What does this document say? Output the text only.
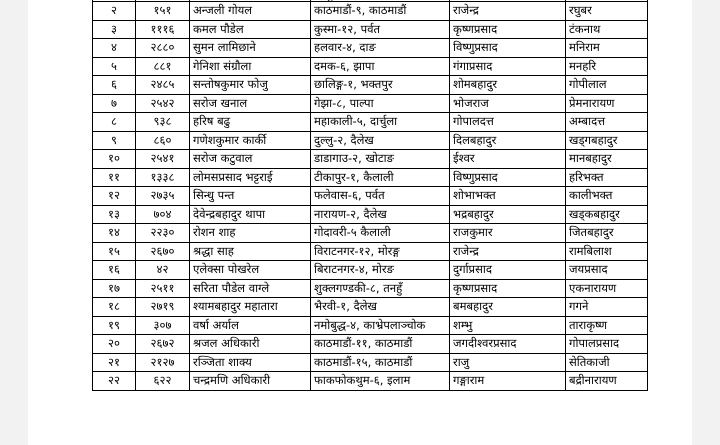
२	१५१	अन्जली गोयल	काठमाडौं-९, काठमाडौं	राजेन्द्र	रघुबर
३	१११६	कमल पौडेल	कुस्मा-१२, पर्वत	कृष्णप्रसाद	टंकनाथ
४	२८८०	सुमन लामिछाने	हलवार-४, दाङ	विष्णुप्रसाद	मनिराम
५	८८१	गेनिशा संग्रौला	दमक-६, झापा	गंगाप्रसाद	मनहरि
६	२४८५	सन्तोषकुमार फोजु	छालिङ्ग-१, भक्तपुर	शोमबहादुर	गोपीलाल
७	२५४२	सरोज खनाल	गेझा-८, पाल्पा	भोजराज	प्रेमनारायण
८	९३८	हरिष बढु	महाकाली-५, दार्चुला	गोपालदत्त	अम्बादत्त
९	८६०	गणेशकुमार कार्की	दुल्लु-२, दैलेख	दिलबहादुर	खड्गबहादुर
१०	२५४१	सरोज कटुवाल	डाडागाउ-२, खोटाङ	ईश्वर	मानबहादुर
११	१३३८	लोमसप्रसाद भट्टराई	टीकापुर-१, कैलाली	विष्णुप्रसाद	हरिभक्त
१२	२७३५	सिन्धु पन्त	फलेवास-६, पर्वत	शोभाभक्त	कालीभक्त
१३	७०४	देवेन्द्रबहादुर थापा	नारायण-२, दैलेख	भद्रबहादुर	खड्कबहादुर
१४	२२३०	रोशन शाह	गोदावरी-५ कैलाली	राजकुमार	जितबहादुर
१५	२६७०	श्रद्धा साह	विराटनगर-१२, मोरङ्ग	राजेन्द्र	रामबिलाश
१६	४२	एलेक्सा पोखरेल	बिराटनगर-४, मोरङ	दुर्गाप्रसाद	जयप्रसाद
१७	२५११	सरिता पौडेल वाग्ले	शुक्लगण्डकी-८, तनहुँ	कृष्णप्रसाद	एकनारायण
१८	२७१९	श्यामबहादुर महातारा	भैरवी-१, दैलेख	बमबहादुर	गगने
१९	३०७	वर्षा अर्याल	नमोबुद्ध-४, काभ्रेपलाञ्चोक	शम्भु	ताराकृष्ण
२०	२६७२	श्रजल अधिकारी	काठमाडौं-११, काठमाडौं	जगदीश्वरप्रसाद	गोपालप्रसाद
२१	२१२७	रञ्जिता शाक्य	काठमाडौं-१५, काठमाडौं	राजु	सेतिकाजी
२२	६२२	चन्द्रमणि अधिकारी	फाकफोकथुम-६, इलाम	गङ्गाराम	बद्रीनारायण
